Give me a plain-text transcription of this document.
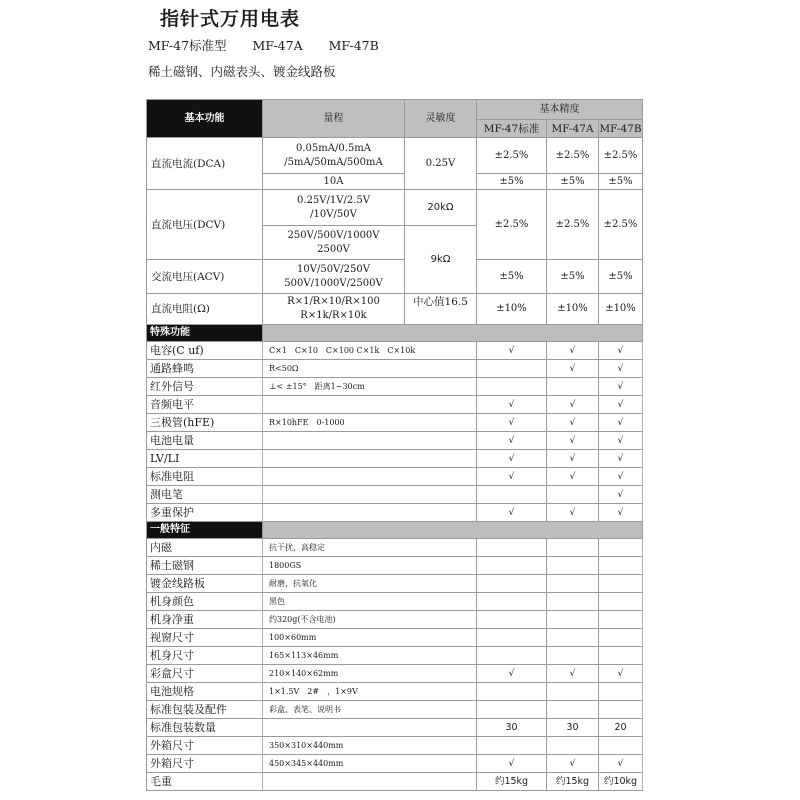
指针式万用电表
MF-47标准型 MF-47A MF-47B
稀土磁钢、内磁表头、镀金线路板

基本功能	量程	灵敏度	基本精度		
			MF-47标准	MF-47A	MF-47B
直流电流(DCA)	0.05mA/0.5mA
/5mA/50mA/500mA	0.25V	±2.5%	±2.5%	±2.5%
	10A		±5%	±5%	±5%
直流电压(DCV)	0.25V/1V/2.5V
/10V/50V	20kΩ	±2.5%	±2.5%	±2.5%

	250V/500V/1000V
2500V	9kΩ			
交流电压(ACV)	10V/50V/250V
500V/1000V/2500V		±5%	±5%	±5%
直流电阻(Ω)	R×1/R×10/R×100
R×1k/R×10k	中心值16.5	±10%	±10%	±10%
特殊功能					
电容(C uf)	C×1　C×10　C×100 C×1k　C×10k		√	√	√
通路蜂鸣	R<50Ω			√	√
红外信号	⊥< ±15°　距离1~30cm				√
音频电平			√	√	√
三极管(hFE)	R×10hFE　0-1000		√	√	√
电池电量			√	√	√
LV/LI			√	√	√
标准电阻			√	√	√
测电笔					√
多重保护			√	√	√
一般特征					
内磁	抗干扰，高稳定				
稀土磁钢	1800GS				
镀金线路板	耐磨，抗氧化				
机身颜色	黑色				
机身净重	约320g(不含电池)				
视窗尺寸	100×60mm				
机身尺寸	165×113×46mm				
彩盒尺寸	210×140×62mm		√	√	√
电池规格	1×1.5V　2#　，1×9V				
标准包装及配件	彩盒、表笔、说明书				
标准包装数量			30	30	20
外箱尺寸	350×310×440mm				
外箱尺寸	450×345×440mm		√	√	√
毛重			约15kg	约15kg	约10kg
